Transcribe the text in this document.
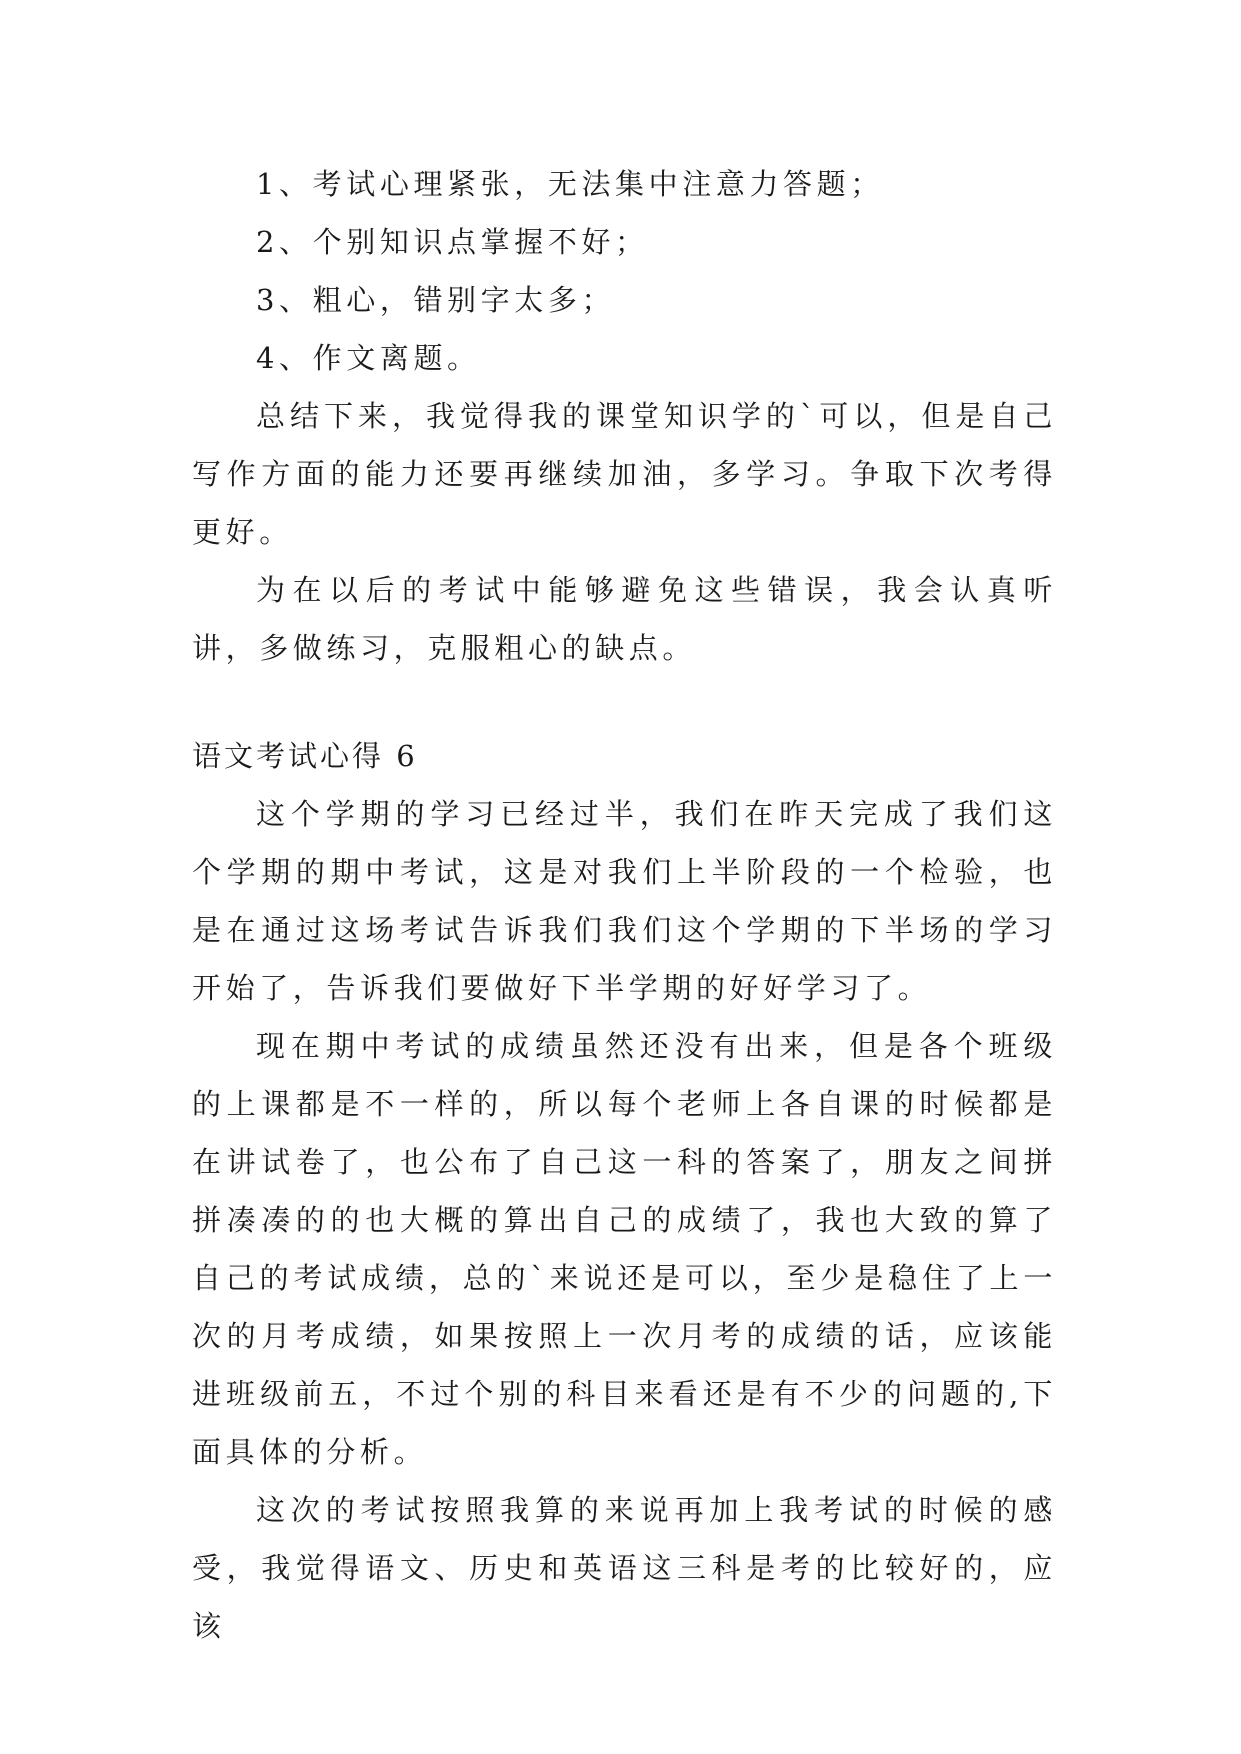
1、考试心理紧张，无法集中注意力答题；

2、个别知识点掌握不好；

3、粗心，错别字太多；

4、作文离题。

总结下来，我觉得我的课堂知识学的`可以，但是自己写作方面的能力还要再继续加油，多学习。争取下次考得更好。

为在以后的考试中能够避免这些错误，我会认真听讲，多做练习，克服粗心的缺点。

语文考试心得 6

这个学期的学习已经过半，我们在昨天完成了我们这个学期的期中考试，这是对我们上半阶段的一个检验，也是在通过这场考试告诉我们我们这个学期的下半场的学习开始了，告诉我们要做好下半学期的好好学习了。

现在期中考试的成绩虽然还没有出来，但是各个班级的上课都是不一样的，所以每个老师上各自课的时候都是在讲试卷了，也公布了自己这一科的答案了，朋友之间拼拼凑凑的的也大概的算出自己的成绩了，我也大致的算了自己的考试成绩，总的`来说还是可以，至少是稳住了上一次的月考成绩，如果按照上一次月考的成绩的话，应该能进班级前五，不过个别的科目来看还是有不少的问题的,下面具体的分析。

这次的考试按照我算的来说再加上我考试的时候的感受，我觉得语文、历史和英语这三科是考的比较好的，应该
